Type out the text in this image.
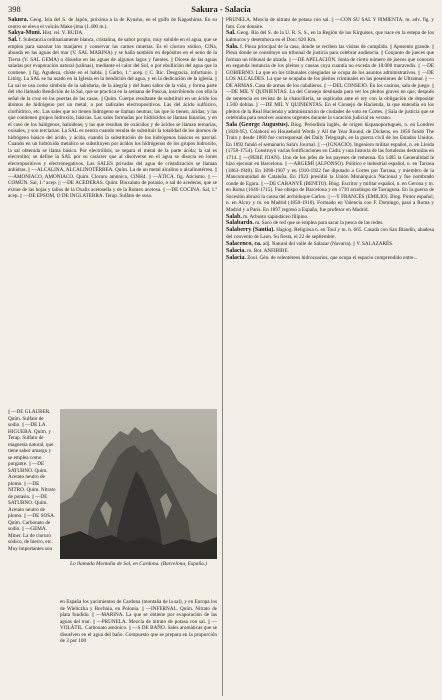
398	Sakura - Salacia

Sakura. Geog. Isla del S. de Japón, próxima a la de Kyushu, en el golfo de Kagoshima. En su centro se eleva el volcán Mako-jima (1.400 m.).

Sakya-Muni. Hist. rel. V. BUDA.

Sal. f. Substancia ordinariamente blanca, cristalina, de sabor propio, muy soluble en el agua, que se emplea para sazonar los manjares y conservar las carnes muertas. Es el cloruro sódico, ClNa, abunda en las aguas del mar (V. SAL MARINA) y se halla también en depósitos en el seno de la Tierra (V. SAL GEMA) o disuelta en las aguas de algunos lagos y fuentes. || Dícese de las aguas saladas por evaporación natural (salinas), mediante el calor del Sol, o por ebullición del agua que la contiene. || fig. Agudeza, chiste en el habla. || Garbo, 1.ª acep. || C. Ric. Desgracia, infortunio. || Litúrg. La SAL se ha usado en la Iglesia en la bendición del agua, y en la dedicación de la iglesia. || La sal se usa como símbolo de la sabiduría, de la alegría y del buen sabor de la vida, y forma parte del rito llamado Bendición de la Sal, que se practica en la semana de Pascua, inscribiendo con ella la señal de la cruz en las puertas de las casas. || Quím. Cuerpo resultante de substituir en un ácido los átomos de hidrógeno por un metal, o por radicales electropositivos. Las del ácido sulfúrico, clorhídrico, etc. Las sales que no tienen hidrógeno se llaman neutras; las que lo tienen, ácidas; y las que contienen grupos hidroxilo, básicas. Las sales formadas por hidrácidos se llaman binarias, y en el caso de los halógenos, haloideas; y las que resultan de oxácidos y de ácidos se llaman ternarias, oxisales, y son terciarias. La SAL es neutra cuando resulta de substituir la totalidad de los átomos de hidrógeno básico del ácido, y ácida, cuando la substitución de los hidrógenos básicos es parcial. Cuando en un hidróxido metálico se substituyen por ácidos los hidrógenos de los grupos hidroxilo, la sal obtenida se llama básica. Por electrólisis, se separa el metal de la parte ácida; la sal es electrolito; se define la SAL por su carácter que al disolverse en el agua se disocia en iones electropositivos y electronegativos. Las SALES privadas del agua de cristalización se llaman anhidras. || —ALCALINA, ALCALINOTÉRREA. Quím. La de un metal alcalino o alcalinotérreo. || —AMONIACO, AMONIACO. Quím. Cloruro amónico, ClNH4. || —ÁTICA. fig. Aticismo. || —COMÚN. Sal, 1.ª acep. || —DE ACEDERAS. Quím. Bioxalato de potasio, o sal de acederas, que se extrae de las hojas y tallos de la Oxalis acetosella y de la Rumex acetosa. || —DE COCINA. Sal, 1.ª acep. || —DE EPSOM, O DE INGLATERRA. Terap. Sulfato de sosa.

|| —DE GLAUBER. Quím. Sulfato de sodio. || —DE LA HIGUERA. Quím. y Terap. Sulfato de magnesia natural, que tiene sabor amargo y se emplea como purgante. || —DE SATURNO. Quím. Acetato neutro de plomo. || —DE NITRO. Quím. Nitrato de potasio. || —DE SATURNO. Quím. Acetato neutro de plomo. || —DE SOSA. Quím. Carbonato de sodio. || —GEMA. Miner. La de cloruro sódico, de hierro, etc. Muy importantes son
Lo llamada Montaña de Sal, en Cardona. (Barcelona, España.)
en España los yacimientos de Cardona (montaña de la sal), y en Europa los de Wieliczka y Bochnia, en Polonia. || —INFERNAL. Quím. Nitrato de plata fundido. || —MARINA. La que se obtiene por evaporación de las aguas del mar. || —PRUNELA. Mezcla de nitrato de potasa con sal. || —VOLÁTIL. Carbonato amónico. || —S DE BAÑO. Sales aromáticas que se disuelven en el agua del baño. Compuesto que se prepara en la proporción de 3 por 100

PRUNELA. Mezcla de nitrato de potasa con sal. || —CON SU SAL Y PIMIENTA. m. adv. fig. y fam. Con donaire.

Sal. Geog. Río del S. de la U. R. S. S., en la Región de los Kirguises, que nace en la estepa de los kalmucos y desemboca en el Don; 620 Km.

Sala. f. Pieza principal de la casa, donde se reciben las visitas de cumplido. || Aposento grande. || Pieza donde se constituye un tribunal de justicia para celebrar audiencia. || Conjunto de jueces que forman un tribunal de alzada. || —DE APELACIÓN. Junta de cierto número de jueces que conocen en segunda instancia de los pleitos y causas cuya cuantía no exceda de 10.000 maravedís. || —DE GOBIERNO. La que en los tribunales colegiados se ocupa de los asuntos administrativos. || —DE LOS ALCALDES. La que se ocupaba de los pleitos criminales en las posesiones de Ultramar. || —DE ARMAS. Casa de armas de los caballeros. || —DEL CONSEJO. En los casinos, sala de juego. || —DE MIL Y QUINIENTAS. La del Consejo destinada para ver los pleitos graves en que, después de sentencia en revista de la chancillería, se suplicaba ante el rey con la obligación de depositar 1.500 doblas. || —DE MIL Y QUINIENTAS. En el Consejo de Hacienda, la que entendía en los pleitos de la Real Hacienda y administración de ciudades de voto en Cortes. || Sala de justicia que se celebraba para resolver asuntos urgentes durante la vacación judicial en verano.

Sala (George Augustus). Biog. Periodista inglés, de origen hispanoportugués, n. en Londres (1828-95). Colaboró en Household Words y All the Year Round, de Dickens, en 1856 fundó The Train y desde 1860 fue corresponsal del Daily Telegraph, en la guerra civil de los Estados Unidos. En 1892 fundó el semanario Sala's Journal. || —(IGNACIO). Ingeniero militar español, n. en Lleida (1758-1754). Construyó varias fortificaciones en Cádiz y una historia de las fortalezas destruidas en 1714. || —(PERE JOAN). Uno de los jefes de los payeses de remensa. En 1485 la Generalidad le hizo ejecutar en Barcelona. || —ARGEMÍ (ALFONSO). Político e industrial español, n. en Tarrasa (1863-1940). En 1898-1907 y en 1910-1922 fue diputado a Cortes por Tarrasa, y miembro de la Mancomunidad de Cataluña. En 1923 presidió la Unión Monárquica Nacional y fue nombrado conde de Egara. || —DE CABANYÉ (BENITO). Biog. Escritor y militar español, n. en Gerona y m. en Roma (1646-1715). Fue obispo de Barcelona y en 1710 arzobispo de Tarragona. En la guerra de Sucesión abrazó la causa del archiduque Carlos. || —Y FRANCÉS (EMILIO). Biog. Pintor español, n. en Alcoy y m. en Madrid (1850-1910). Formado en Valencia con F. Domingo, pasó a Roma y Madrid y a París. En 1897 regresó a España, fue profesor en Madrid.

Salab. m. Arbusto sapindáceo filipino.

Salabardo. m. Saco de red que se emplea para sacar la pesca de las redes.

Salaberry (Santia). Hagiog. Religiosa n. en Toul y m. h. 665. Casada con San Blandín, abadesa del convento de Laon. Su fiesta, el 22 de septiembre.

Salacenco, ca. adj. Natural del valle de Salazar (Navarra). || V. SALAZARÉS.

Salacia. m. Bot. ANFIBIBE.

Salacia. Zool. Gén. de celentéreos hidrozoarios, que ocupa el espacio comprendido entre...
